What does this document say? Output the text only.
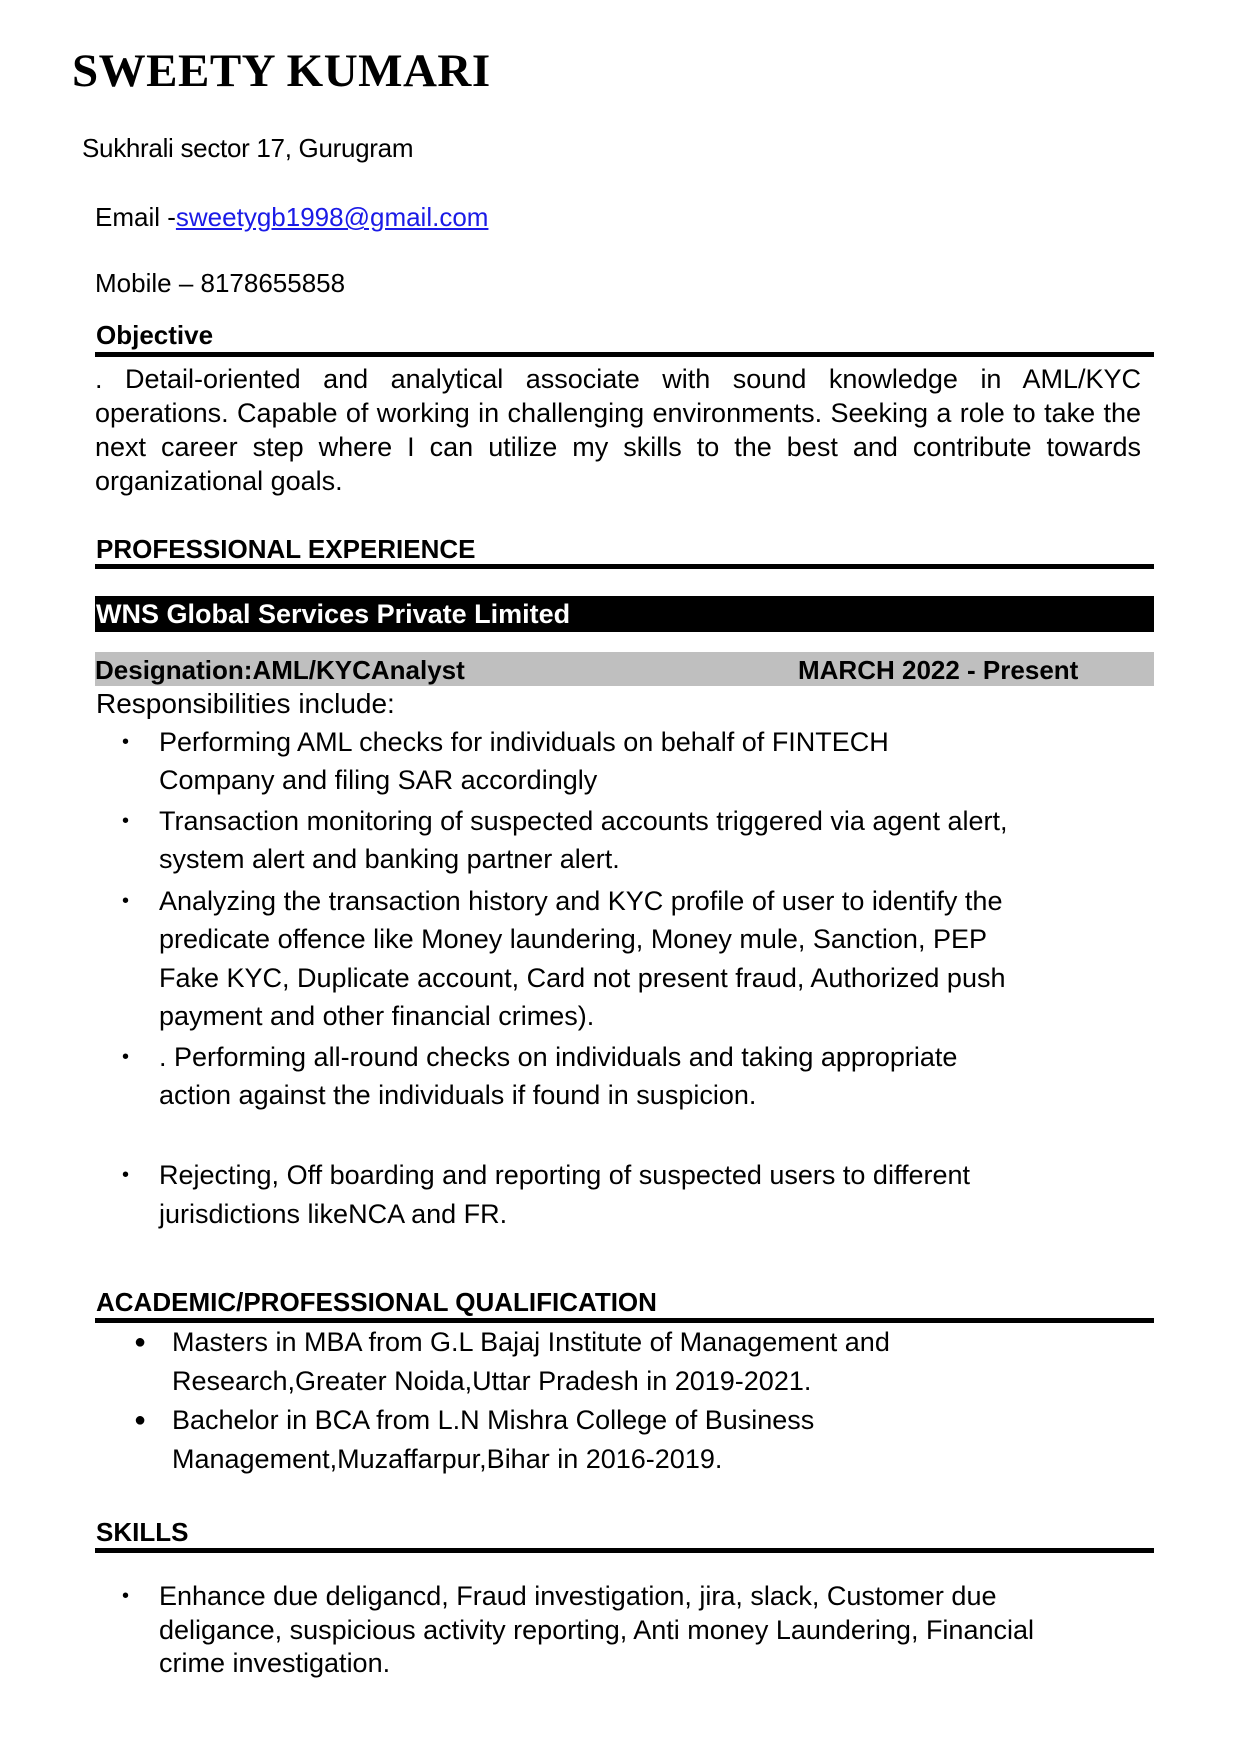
SWEETY KUMARI
Sukhrali sector 17, Gurugram
Email -sweetygb1998@gmail.com
Mobile – 8178655858
Objective
. Detail-oriented and analytical associate with sound knowledge in AML/KYC operations. Capable of working in challenging environments. Seeking a role to take the next career step where I can utilize my skills to the best and contribute towards organizational goals.
PROFESSIONAL EXPERIENCE
WNS Global Services Private Limited
Designation:AML/KYCAnalyst	MARCH 2022 - Present
Responsibilities include:
• Performing AML checks for individuals on behalf of FINTECH
Company and filing SAR accordingly
• Transaction monitoring of suspected accounts triggered via agent alert,
system alert and banking partner alert.
• Analyzing the transaction history and KYC profile of user to identify the
predicate offence like Money laundering, Money mule, Sanction, PEP
Fake KYC, Duplicate account, Card not present fraud, Authorized push
payment and other financial crimes).
• . Performing all-round checks on individuals and taking appropriate
action against the individuals if found in suspicion.
• Rejecting, Off boarding and reporting of suspected users to different
jurisdictions likeNCA and FR.
ACADEMIC/PROFESSIONAL QUALIFICATION
● Masters in MBA from G.L Bajaj Institute of Management and
Research,Greater Noida,Uttar Pradesh in 2019-2021.
● Bachelor in BCA from L.N Mishra College of Business
Management,Muzaffarpur,Bihar in 2016-2019.
SKILLS
• Enhance due deligancd, Fraud investigation, jira, slack, Customer due
deligance, suspicious activity reporting, Anti money Laundering, Financial
crime investigation.
